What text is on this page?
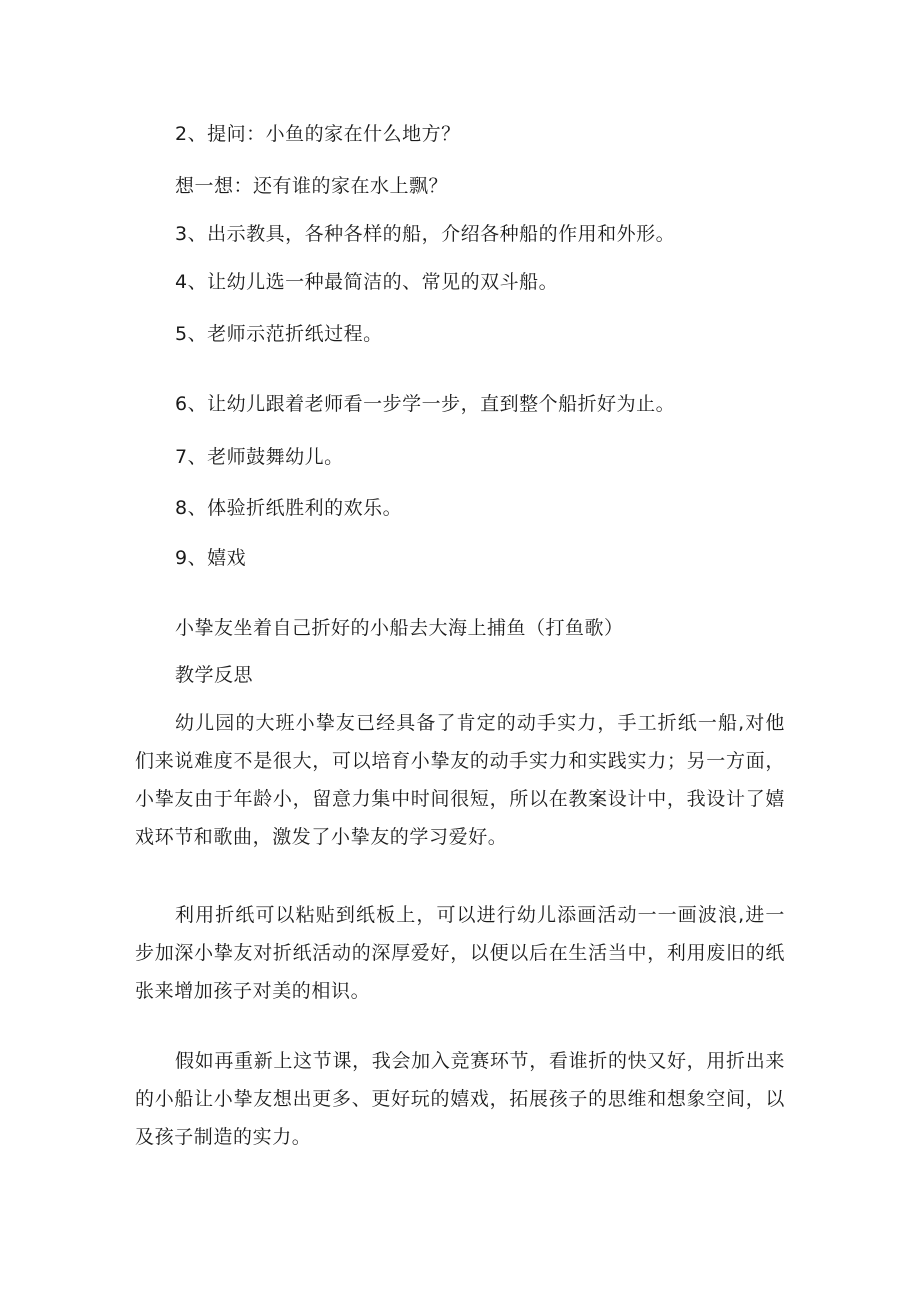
2、提问：小鱼的家在什么地方？
想一想：还有谁的家在水上飘？
3、出示教具，各种各样的船，介绍各种船的作用和外形。
4、让幼儿选一种最简洁的、常见的双斗船。
5、老师示范折纸过程。
6、让幼儿跟着老师看一步学一步，直到整个船折好为止。
7、老师鼓舞幼儿。
8、体验折纸胜利的欢乐。
9、嬉戏
小挚友坐着自己折好的小船去大海上捕鱼（打鱼歌）
教学反思
幼儿园的大班小挚友已经具备了肯定的动手实力，手工折纸一船,对他们来说难度不是很大，可以培育小挚友的动手实力和实践实力；另一方面，小挚友由于年龄小，留意力集中时间很短，所以在教案设计中，我设计了嬉戏环节和歌曲，激发了小挚友的学习爱好。
利用折纸可以粘贴到纸板上，可以进行幼儿添画活动一一画波浪,进一步加深小挚友对折纸活动的深厚爱好，以便以后在生活当中，利用废旧的纸张来增加孩子对美的相识。
假如再重新上这节课，我会加入竞赛环节，看谁折的快又好，用折出来的小船让小挚友想出更多、更好玩的嬉戏，拓展孩子的思维和想象空间，以及孩子制造的实力。
